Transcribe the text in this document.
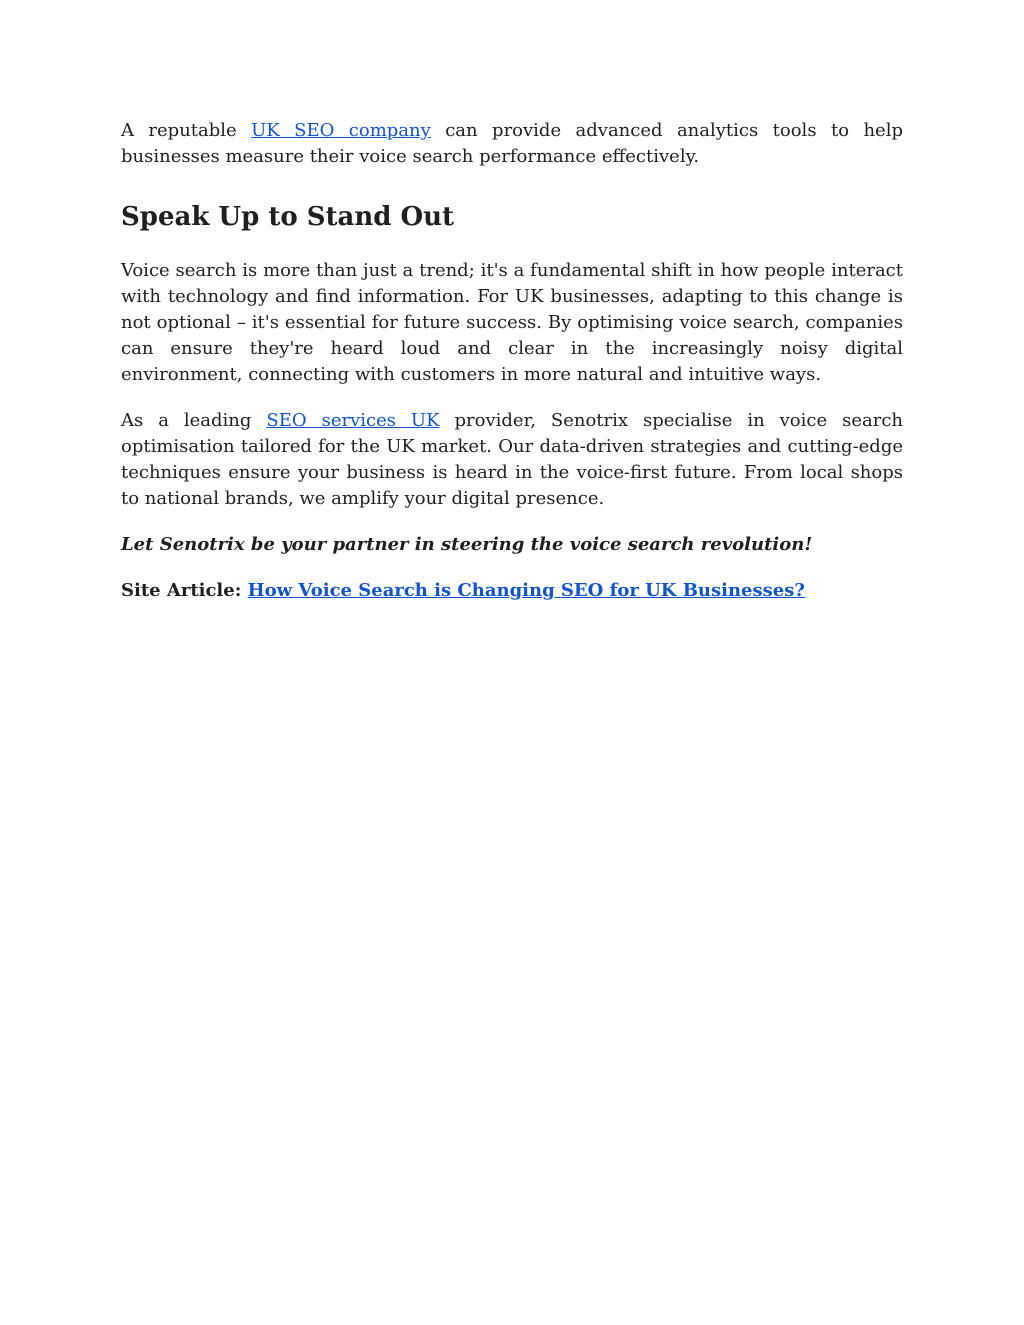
A reputable UK SEO company can provide advanced analytics tools to help businesses measure their voice search performance effectively.

Speak Up to Stand Out

Voice search is more than just a trend; it's a fundamental shift in how people interact with technology and find information. For UK businesses, adapting to this change is not optional – it's essential for future success. By optimising voice search, companies can ensure they're heard loud and clear in the increasingly noisy digital environment, connecting with customers in more natural and intuitive ways.

As a leading SEO services UK provider, Senotrix specialise in voice search optimisation tailored for the UK market. Our data-driven strategies and cutting-edge techniques ensure your business is heard in the voice-first future. From local shops to national brands, we amplify your digital presence.

Let Senotrix be your partner in steering the voice search revolution!

Site Article: How Voice Search is Changing SEO for UK Businesses?
